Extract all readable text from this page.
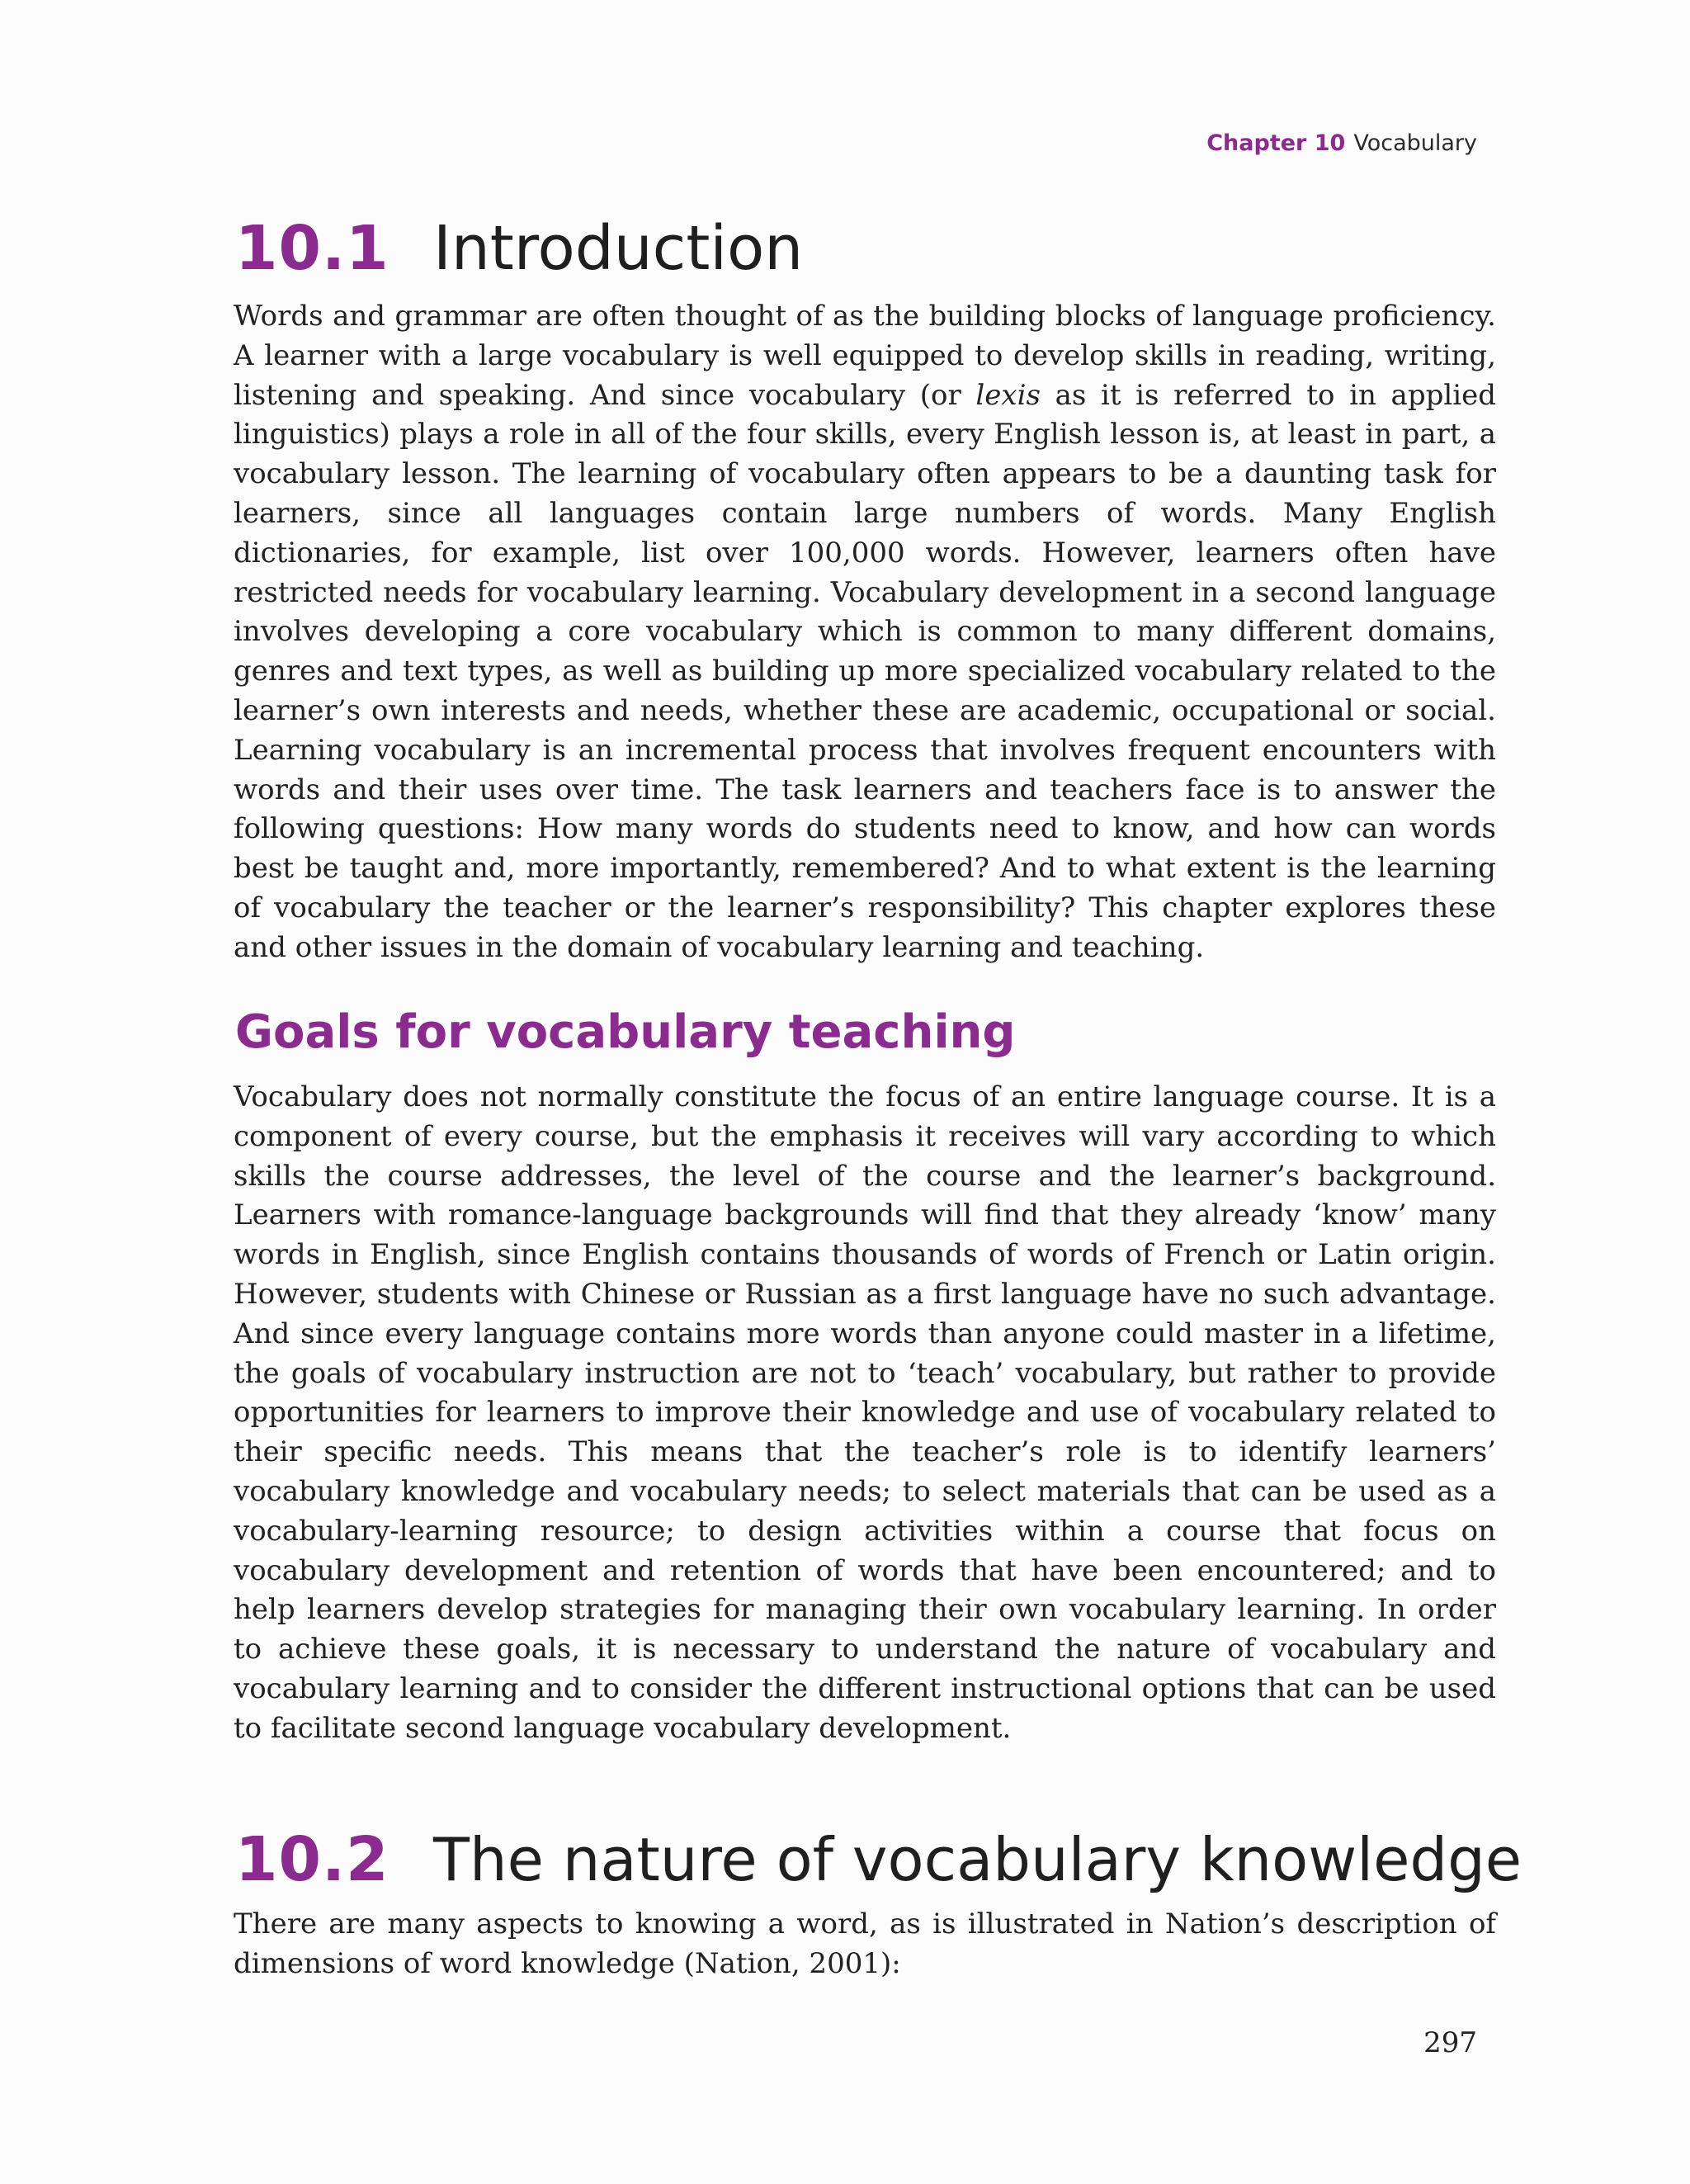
Chapter 10 Vocabulary
10.1 Introduction

Words and grammar are often thought of as the building blocks of language proficiency. A learner with a large vocabulary is well equipped to develop skills in reading, writing, listening and speaking. And since vocabulary (or lexis as it is referred to in applied linguistics) plays a role in all of the four skills, every English lesson is, at least in part, a vocabulary lesson. The learning of vocabulary often appears to be a daunting task for learners, since all languages contain large numbers of words. Many English dictionaries, for example, list over 100,000 words. However, learners often have restricted needs for vocabulary learning. Vocabulary development in a second language involves developing a core vocabulary which is common to many different domains, genres and text types, as well as building up more specialized vocabulary related to the learner’s own interests and needs, whether these are academic, occupational or social. Learning vocabulary is an incremental process that involves frequent encounters with words and their uses over time. The task learners and teachers face is to answer the following questions: How many words do students need to know, and how can words best be taught and, more importantly, remembered? And to what extent is the learning of vocabulary the teacher or the learner’s responsibility? This chapter explores these and other issues in the domain of vocabulary learning and teaching.

Goals for vocabulary teaching

Vocabulary does not normally constitute the focus of an entire language course. It is a component of every course, but the emphasis it receives will vary according to which skills the course addresses, the level of the course and the learner’s background. Learners with romance-language backgrounds will find that they already ‘know’ many words in English, since English contains thousands of words of French or Latin origin. However, students with Chinese or Russian as a first language have no such advantage. And since every language contains more words than anyone could master in a lifetime, the goals of vocabulary instruction are not to ‘teach’ vocabulary, but rather to provide opportunities for learners to improve their knowledge and use of vocabulary related to their specific needs. This means that the teacher’s role is to identify learners’ vocabulary knowledge and vocabulary needs; to select materials that can be used as a vocabulary-learning resource; to design activities within a course that focus on vocabulary development and retention of words that have been encountered; and to help learners develop strategies for managing their own vocabulary learning. In order to achieve these goals, it is necessary to understand the nature of vocabulary and vocabulary learning and to consider the different instructional options that can be used to facilitate second language vocabulary development.

10.2 The nature of vocabulary knowledge

There are many aspects to knowing a word, as is illustrated in Nation’s description of dimensions of word knowledge (Nation, 2001):

297
